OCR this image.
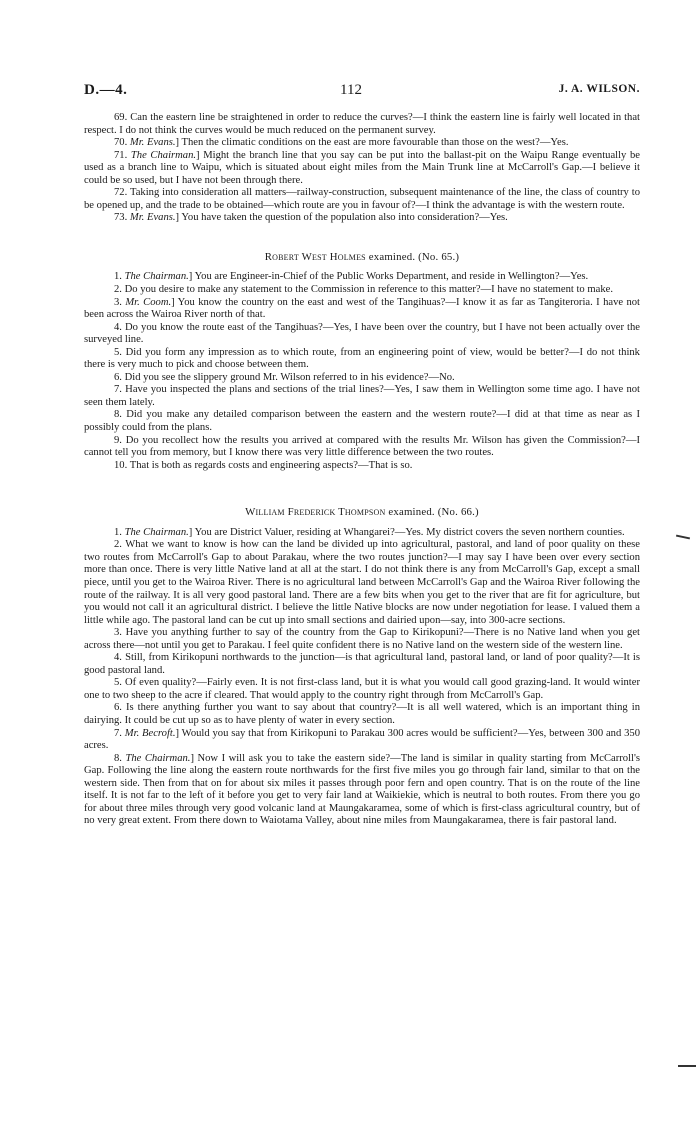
D.—4.	112	J. A. WILSON.

69. Can the eastern line be straightened in order to reduce the curves?—I think the eastern line is fairly well located in that respect. I do not think the curves would be much reduced on the permanent survey.

70. Mr. Evans.] Then the climatic conditions on the east are more favourable than those on the west?—Yes.

71. The Chairman.] Might the branch line that you say can be put into the ballast-pit on the Waipu Range eventually be used as a branch line to Waipu, which is situated about eight miles from the Main Trunk line at McCarroll's Gap.—I believe it could be so used, but I have not been through there.

72. Taking into consideration all matters—railway-construction, subsequent maintenance of the line, the class of country to be opened up, and the trade to be obtained—which route are you in favour of?—I think the advantage is with the western route.

73. Mr. Evans.] You have taken the question of the population also into consideration?—Yes.

Robert West Holmes examined. (No. 65.)

1. The Chairman.] You are Engineer-in-Chief of the Public Works Department, and reside in Wellington?—Yes.

2. Do you desire to make any statement to the Commission in reference to this matter?—I have no statement to make.

3. Mr. Coom.] You know the country on the east and west of the Tangihuas?—I know it as far as Tangiteroria. I have not been across the Wairoa River north of that.

4. Do you know the route east of the Tangihuas?—Yes, I have been over the country, but I have not been actually over the surveyed line.

5. Did you form any impression as to which route, from an engineering point of view, would be better?—I do not think there is very much to pick and choose between them.

6. Did you see the slippery ground Mr. Wilson referred to in his evidence?—No.

7. Have you inspected the plans and sections of the trial lines?—Yes, I saw them in Wellington some time ago. I have not seen them lately.

8. Did you make any detailed comparison between the eastern and the western route?—I did at that time as near as I possibly could from the plans.

9. Do you recollect how the results you arrived at compared with the results Mr. Wilson has given the Commission?—I cannot tell you from memory, but I know there was very little difference between the two routes.

10. That is both as regards costs and engineering aspects?—That is so.

William Frederick Thompson examined. (No. 66.)

1. The Chairman.] You are District Valuer, residing at Whangarei?—Yes. My district covers the seven northern counties.

2. What we want to know is how can the land be divided up into agricultural, pastoral, and land of poor quality on these two routes from McCarroll's Gap to about Parakau, where the two routes junction?—I may say I have been over every section more than once. There is very little Native land at all at the start. I do not think there is any from McCarroll's Gap, except a small piece, until you get to the Wairoa River. There is no agricultural land between McCarroll's Gap and the Wairoa River following the route of the railway. It is all very good pastoral land. There are a few bits when you get to the river that are fit for agriculture, but you would not call it an agricultural district. I believe the little Native blocks are now under negotiation for lease. I valued them a little while ago. The pastoral land can be cut up into small sections and dairied upon—say, into 300-acre sections.

3. Have you anything further to say of the country from the Gap to Kirikopuni?—There is no Native land when you get across there—not until you get to Parakau. I feel quite confident there is no Native land on the western side of the western line.

4. Still, from Kirikopuni northwards to the junction—is that agricultural land, pastoral land, or land of poor quality?—It is good pastoral land.

5. Of even quality?—Fairly even. It is not first-class land, but it is what you would call good grazing-land. It would winter one to two sheep to the acre if cleared. That would apply to the country right through from McCarroll's Gap.

6. Is there anything further you want to say about that country?—It is all well watered, which is an important thing in dairying. It could be cut up so as to have plenty of water in every section.

7. Mr. Becroft.] Would you say that from Kirikopuni to Parakau 300 acres would be sufficient?—Yes, between 300 and 350 acres.

8. The Chairman.] Now I will ask you to take the eastern side?—The land is similar in quality starting from McCarroll's Gap. Following the line along the eastern route northwards for the first five miles you go through fair land, similar to that on the western side. Then from that on for about six miles it passes through poor fern and open country. That is on the route of the line itself. It is not far to the left of it before you get to very fair land at Waikiekie, which is neutral to both routes. From there you go for about three miles through very good volcanic land at Maungakaramea, some of which is first-class agricultural country, but of no very great extent. From there down to Waiotama Valley, about nine miles from Maungakaramea, there is fair pastoral land.
